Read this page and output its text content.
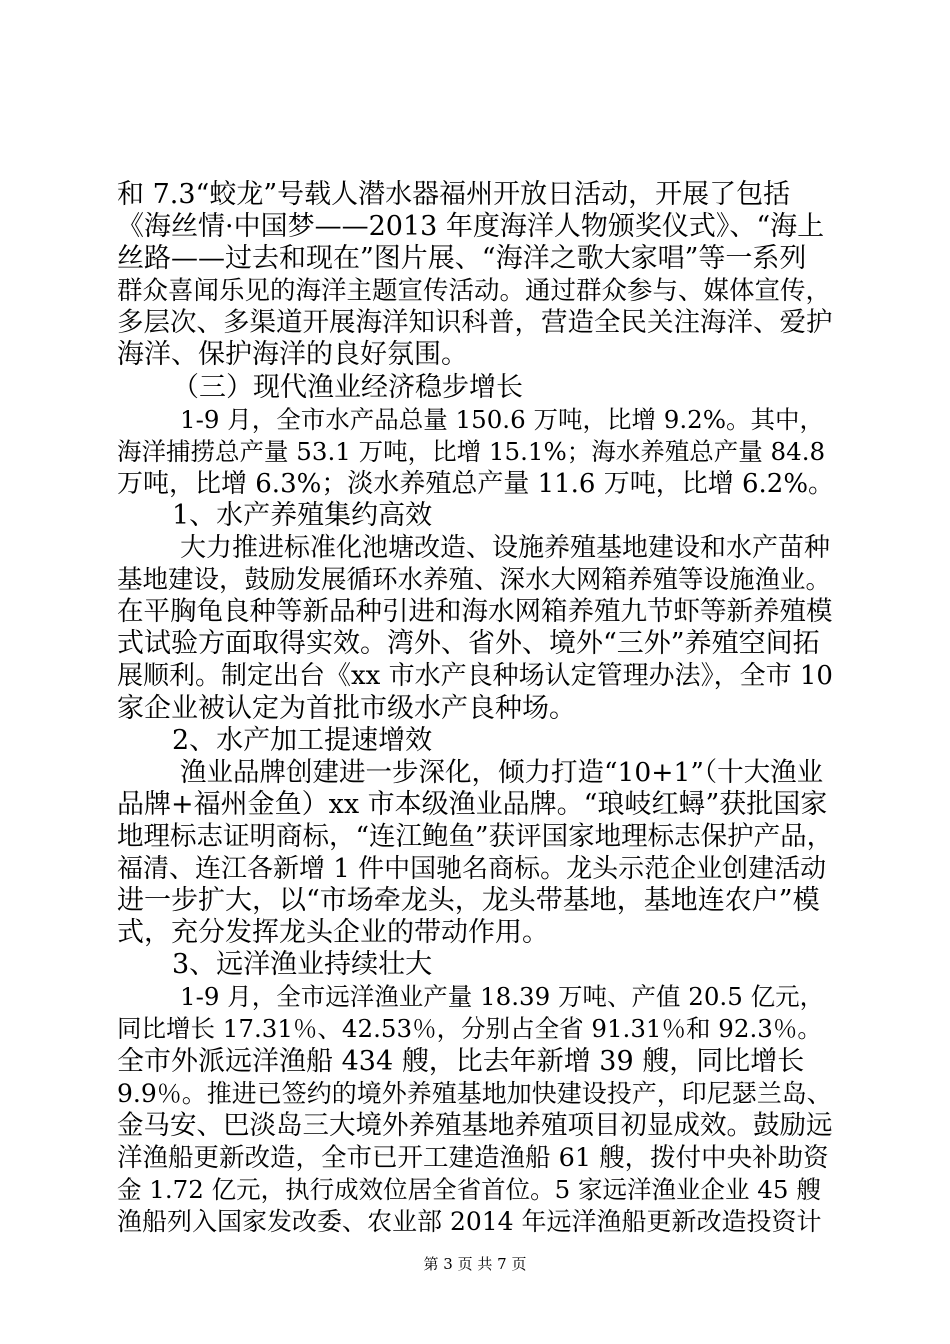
和 7.3“蛟龙”号载人潜水器福州开放日活动，开展了包括
《海丝情·中国梦——2013 年度海洋人物颁奖仪式》、“海上
丝路——过去和现在”图片展、“海洋之歌大家唱”等一系列
群众喜闻乐见的海洋主题宣传活动。通过群众参与、媒体宣传，
多层次、多渠道开展海洋知识科普，营造全民关注海洋、爱护
海洋、保护海洋的良好氛围。
（三）现代渔业经济稳步增长
1-9 月，全市水产品总量 150.6 万吨，比增 9.2%。其中，
海洋捕捞总产量 53.1 万吨，比增 15.1%；海水养殖总产量 84.8
万吨，比增 6.3%；淡水养殖总产量 11.6 万吨，比增 6.2%。
1、水产养殖集约高效
大力推进标准化池塘改造、设施养殖基地建设和水产苗种
基地建设，鼓励发展循环水养殖、深水大网箱养殖等设施渔业。
在平胸龟良种等新品种引进和海水网箱养殖九节虾等新养殖模
式试验方面取得实效。湾外、省外、境外“三外”养殖空间拓
展顺利。制定出台《xx 市水产良种场认定管理办法》，全市 10
家企业被认定为首批市级水产良种场。
2、水产加工提速增效
渔业品牌创建进一步深化，倾力打造“10+1”（十大渔业
品牌+福州金鱼）xx 市本级渔业品牌。“琅岐红蟳”获批国家
地理标志证明商标，“连江鲍鱼”获评国家地理标志保护产品，
福清、连江各新增 1 件中国驰名商标。龙头示范企业创建活动
进一步扩大，以“市场牵龙头，龙头带基地，基地连农户”模
式，充分发挥龙头企业的带动作用。
3、远洋渔业持续壮大
1-9 月，全市远洋渔业产量 18.39 万吨、产值 20.5 亿元，
同比增长 17.31％、42.53％，分别占全省 91.31％和 92.3％。
全市外派远洋渔船 434 艘，比去年新增 39 艘，同比增长
9.9％。推进已签约的境外养殖基地加快建设投产，印尼瑟兰岛、
金马安、巴淡岛三大境外养殖基地养殖项目初显成效。鼓励远
洋渔船更新改造，全市已开工建造渔船 61 艘，拨付中央补助资
金 1.72 亿元，执行成效位居全省首位。5 家远洋渔业企业 45 艘
渔船列入国家发改委、农业部 2014 年远洋渔船更新改造投资计
第 3 页 共 7 页
